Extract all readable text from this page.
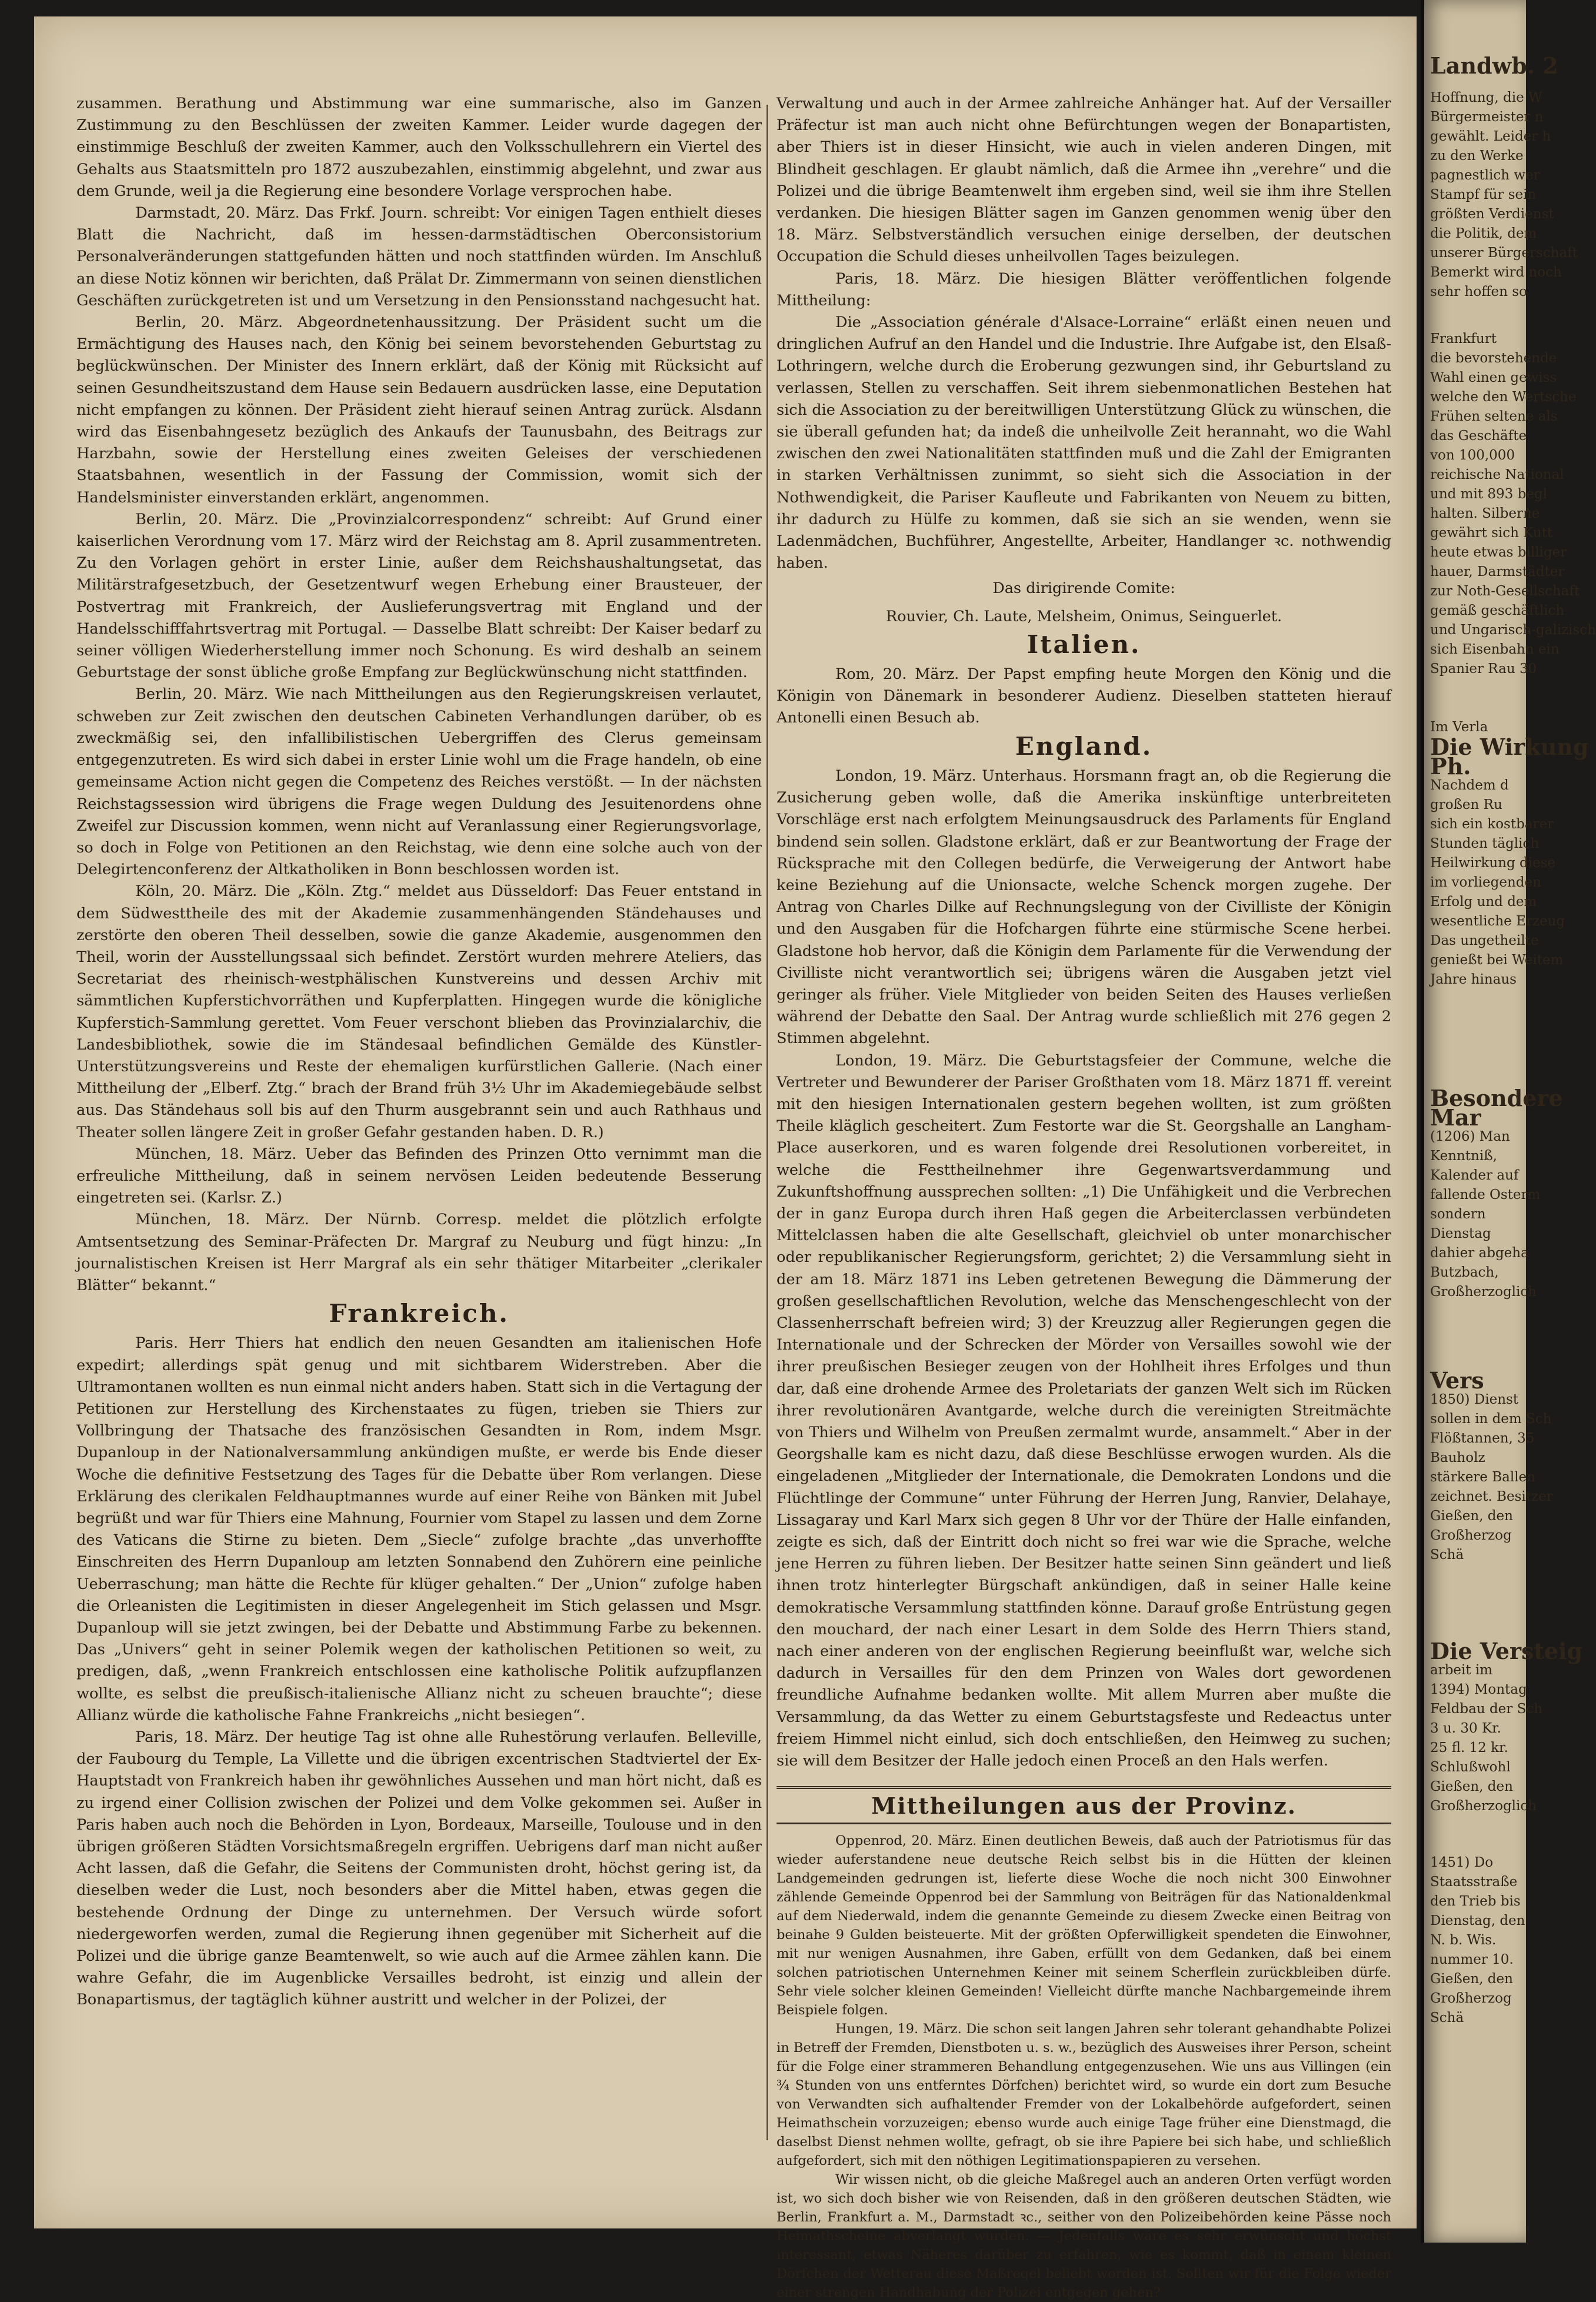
zusammen. Berathung und Abstimmung war eine summarische, also im Ganzen Zustimmung zu den Beschlüssen der zweiten Kammer. Leider wurde dagegen der einstimmige Beschluß der zweiten Kammer, auch den Volksschullehrern ein Viertel des Gehalts aus Staatsmitteln pro 1872 auszubezahlen, einstimmig abgelehnt, und zwar aus dem Grunde, weil ja die Regierung eine besondere Vorlage versprochen habe.

Darmstadt, 20. März. Das Frkf. Journ. schreibt: Vor einigen Tagen enthielt dieses Blatt die Nachricht, daß im hessen-darmstädtischen Oberconsistorium Personalveränderungen stattgefunden hätten und noch stattfinden würden. Im Anschluß an diese Notiz können wir berichten, daß Prälat Dr. Zimmermann von seinen dienstlichen Geschäften zurückgetreten ist und um Versetzung in den Pensionsstand nachgesucht hat.

Berlin, 20. März. Abgeordnetenhaussitzung. Der Präsident sucht um die Ermächtigung des Hauses nach, den König bei seinem bevorstehenden Geburtstag zu beglückwünschen. Der Minister des Innern erklärt, daß der König mit Rücksicht auf seinen Gesundheitszustand dem Hause sein Bedauern ausdrücken lasse, eine Deputation nicht empfangen zu können. Der Präsident zieht hierauf seinen Antrag zurück. Alsdann wird das Eisenbahngesetz bezüglich des Ankaufs der Taunusbahn, des Beitrags zur Harzbahn, sowie der Herstellung eines zweiten Geleises der verschiedenen Staatsbahnen, wesentlich in der Fassung der Commission, womit sich der Handelsminister einverstanden erklärt, angenommen.

Berlin, 20. März. Die „Provinzialcorrespondenz“ schreibt: Auf Grund einer kaiserlichen Verordnung vom 17. März wird der Reichstag am 8. April zusammentreten. Zu den Vorlagen gehört in erster Linie, außer dem Reichshaushaltungsetat, das Militärstrafgesetzbuch, der Gesetzentwurf wegen Erhebung einer Brausteuer, der Postvertrag mit Frankreich, der Auslieferungsvertrag mit England und der Handelsschifffahrtsvertrag mit Portugal. — Dasselbe Blatt schreibt: Der Kaiser bedarf zu seiner völligen Wiederherstellung immer noch Schonung. Es wird deshalb an seinem Geburtstage der sonst übliche große Empfang zur Beglückwünschung nicht stattfinden.

Berlin, 20. März. Wie nach Mittheilungen aus den Regierungskreisen verlautet, schweben zur Zeit zwischen den deutschen Cabineten Verhandlungen darüber, ob es zweckmäßig sei, den infallibilistischen Uebergriffen des Clerus gemeinsam entgegenzutreten. Es wird sich dabei in erster Linie wohl um die Frage handeln, ob eine gemeinsame Action nicht gegen die Competenz des Reiches verstößt. — In der nächsten Reichstagssession wird übrigens die Frage wegen Duldung des Jesuitenordens ohne Zweifel zur Discussion kommen, wenn nicht auf Veranlassung einer Regierungsvorlage, so doch in Folge von Petitionen an den Reichstag, wie denn eine solche auch von der Delegirtenconferenz der Altkatholiken in Bonn beschlossen worden ist.

Köln, 20. März. Die „Köln. Ztg.“ meldet aus Düsseldorf: Das Feuer entstand in dem Südwesttheile des mit der Akademie zusammenhängenden Ständehauses und zerstörte den oberen Theil desselben, sowie die ganze Akademie, ausgenommen den Theil, worin der Ausstellungssaal sich befindet. Zerstört wurden mehrere Ateliers, das Secretariat des rheinisch-westphälischen Kunstvereins und dessen Archiv mit sämmtlichen Kupferstichvorräthen und Kupferplatten. Hingegen wurde die königliche Kupferstich-Sammlung gerettet. Vom Feuer verschont blieben das Provinzialarchiv, die Landesbibliothek, sowie die im Ständesaal befindlichen Gemälde des Künstler-Unterstützungsvereins und Reste der ehemaligen kurfürstlichen Gallerie. (Nach einer Mittheilung der „Elberf. Ztg.“ brach der Brand früh 3½ Uhr im Akademiegebäude selbst aus. Das Ständehaus soll bis auf den Thurm ausgebrannt sein und auch Rathhaus und Theater sollen längere Zeit in großer Gefahr gestanden haben. D. R.)

München, 18. März. Ueber das Befinden des Prinzen Otto vernimmt man die erfreuliche Mittheilung, daß in seinem nervösen Leiden bedeutende Besserung eingetreten sei. (Karlsr. Z.)

München, 18. März. Der Nürnb. Corresp. meldet die plötzlich erfolgte Amtsentsetzung des Seminar-Präfecten Dr. Margraf zu Neuburg und fügt hinzu: „In journalistischen Kreisen ist Herr Margraf als ein sehr thätiger Mitarbeiter „clerikaler Blätter“ bekannt.“

Frankreich.

Paris. Herr Thiers hat endlich den neuen Gesandten am italienischen Hofe expedirt; allerdings spät genug und mit sichtbarem Widerstreben. Aber die Ultramontanen wollten es nun einmal nicht anders haben. Statt sich in die Vertagung der Petitionen zur Herstellung des Kirchenstaates zu fügen, trieben sie Thiers zur Vollbringung der Thatsache des französischen Gesandten in Rom, indem Msgr. Dupanloup in der Nationalversammlung ankündigen mußte, er werde bis Ende dieser Woche die definitive Festsetzung des Tages für die Debatte über Rom verlangen. Diese Erklärung des clerikalen Feldhauptmannes wurde auf einer Reihe von Bänken mit Jubel begrüßt und war für Thiers eine Mahnung, Fournier vom Stapel zu lassen und dem Zorne des Vaticans die Stirne zu bieten. Dem „Siecle“ zufolge brachte „das unverhoffte Einschreiten des Herrn Dupanloup am letzten Sonnabend den Zuhörern eine peinliche Ueberraschung; man hätte die Rechte für klüger gehalten.“ Der „Union“ zufolge haben die Orleanisten die Legitimisten in dieser Angelegenheit im Stich gelassen und Msgr. Dupanloup will sie jetzt zwingen, bei der Debatte und Abstimmung Farbe zu bekennen. Das „Univers“ geht in seiner Polemik wegen der katholischen Petitionen so weit, zu predigen, daß, „wenn Frankreich entschlossen eine katholische Politik aufzupflanzen wollte, es selbst die preußisch-italienische Allianz nicht zu scheuen brauchte“; diese Allianz würde die katholische Fahne Frankreichs „nicht besiegen“.

Paris, 18. März. Der heutige Tag ist ohne alle Ruhestörung verlaufen. Belleville, der Faubourg du Temple, La Villette und die übrigen excentrischen Stadtviertel der Ex-Hauptstadt von Frankreich haben ihr gewöhnliches Aussehen und man hört nicht, daß es zu irgend einer Collision zwischen der Polizei und dem Volke gekommen sei. Außer in Paris haben auch noch die Behörden in Lyon, Bordeaux, Marseille, Toulouse und in den übrigen größeren Städten Vorsichtsmaßregeln ergriffen. Uebrigens darf man nicht außer Acht lassen, daß die Gefahr, die Seitens der Communisten droht, höchst gering ist, da dieselben weder die Lust, noch besonders aber die Mittel haben, etwas gegen die bestehende Ordnung der Dinge zu unternehmen. Der Versuch würde sofort niedergeworfen werden, zumal die Regierung ihnen gegenüber mit Sicherheit auf die Polizei und die übrige ganze Beamtenwelt, so wie auch auf die Armee zählen kann. Die wahre Gefahr, die im Augenblicke Versailles bedroht, ist einzig und allein der Bonapartismus, der tagtäglich kühner austritt und welcher in der Polizei, der

Verwaltung und auch in der Armee zahlreiche Anhänger hat. Auf der Versailler Präfectur ist man auch nicht ohne Befürchtungen wegen der Bonapartisten, aber Thiers ist in dieser Hinsicht, wie auch in vielen anderen Dingen, mit Blindheit geschlagen. Er glaubt nämlich, daß die Armee ihn „verehre“ und die Polizei und die übrige Beamtenwelt ihm ergeben sind, weil sie ihm ihre Stellen verdanken. Die hiesigen Blätter sagen im Ganzen genommen wenig über den 18. März. Selbstverständlich versuchen einige derselben, der deutschen Occupation die Schuld dieses unheilvollen Tages beizulegen.

Paris, 18. März. Die hiesigen Blätter veröffentlichen folgende Mittheilung:

Die „Association générale d'Alsace-Lorraine“ erläßt einen neuen und dringlichen Aufruf an den Handel und die Industrie. Ihre Aufgabe ist, den Elsaß-Lothringern, welche durch die Eroberung gezwungen sind, ihr Geburtsland zu verlassen, Stellen zu verschaffen. Seit ihrem siebenmonatlichen Bestehen hat sich die Association zu der bereitwilligen Unterstützung Glück zu wünschen, die sie überall gefunden hat; da indeß die unheilvolle Zeit herannaht, wo die Wahl zwischen den zwei Nationalitäten stattfinden muß und die Zahl der Emigranten in starken Verhältnissen zunimmt, so sieht sich die Association in der Nothwendigkeit, die Pariser Kaufleute und Fabrikanten von Neuem zu bitten, ihr dadurch zu Hülfe zu kommen, daß sie sich an sie wenden, wenn sie Ladenmädchen, Buchführer, Angestellte, Arbeiter, Handlanger ꝛc. nothwendig haben.

Das dirigirende Comite:

Rouvier, Ch. Laute, Melsheim, Onimus, Seinguerlet.

Italien.

Rom, 20. März. Der Papst empfing heute Morgen den König und die Königin von Dänemark in besonderer Audienz. Dieselben statteten hierauf Antonelli einen Besuch ab.

England.

London, 19. März. Unterhaus. Horsmann fragt an, ob die Regierung die Zusicherung geben wolle, daß die Amerika inskünftige unterbreiteten Vorschläge erst nach erfolgtem Meinungsausdruck des Parlaments für England bindend sein sollen. Gladstone erklärt, daß er zur Beantwortung der Frage der Rücksprache mit den Collegen bedürfe, die Verweigerung der Antwort habe keine Beziehung auf die Unionsacte, welche Schenck morgen zugehe. Der Antrag von Charles Dilke auf Rechnungslegung von der Civilliste der Königin und den Ausgaben für die Hofchargen führte eine stürmische Scene herbei. Gladstone hob hervor, daß die Königin dem Parlamente für die Verwendung der Civilliste nicht verantwortlich sei; übrigens wären die Ausgaben jetzt viel geringer als früher. Viele Mitglieder von beiden Seiten des Hauses verließen während der Debatte den Saal. Der Antrag wurde schließlich mit 276 gegen 2 Stimmen abgelehnt.

London, 19. März. Die Geburtstagsfeier der Commune, welche die Vertreter und Bewunderer der Pariser Großthaten vom 18. März 1871 ff. vereint mit den hiesigen Internationalen gestern begehen wollten, ist zum größten Theile kläglich gescheitert. Zum Festorte war die St. Georgshalle an Langham-Place auserkoren, und es waren folgende drei Resolutionen vorbereitet, in welche die Festtheilnehmer ihre Gegenwartsverdammung und Zukunftshoffnung aussprechen sollten: „1) Die Unfähigkeit und die Verbrechen der in ganz Europa durch ihren Haß gegen die Arbeiterclassen verbündeten Mittelclassen haben die alte Gesellschaft, gleichviel ob unter monarchischer oder republikanischer Regierungsform, gerichtet; 2) die Versammlung sieht in der am 18. März 1871 ins Leben getretenen Bewegung die Dämmerung der großen gesellschaftlichen Revolution, welche das Menschengeschlecht von der Classenherrschaft befreien wird; 3) der Kreuzzug aller Regierungen gegen die Internationale und der Schrecken der Mörder von Versailles sowohl wie der ihrer preußischen Besieger zeugen von der Hohlheit ihres Erfolges und thun dar, daß eine drohende Armee des Proletariats der ganzen Welt sich im Rücken ihrer revolutionären Avantgarde, welche durch die vereinigten Streitmächte von Thiers und Wilhelm von Preußen zermalmt wurde, ansammelt.“ Aber in der Georgshalle kam es nicht dazu, daß diese Beschlüsse erwogen wurden. Als die eingeladenen „Mitglieder der Internationale, die Demokraten Londons und die Flüchtlinge der Commune“ unter Führung der Herren Jung, Ranvier, Delahaye, Lissagaray und Karl Marx sich gegen 8 Uhr vor der Thüre der Halle einfanden, zeigte es sich, daß der Eintritt doch nicht so frei war wie die Sprache, welche jene Herren zu führen lieben. Der Besitzer hatte seinen Sinn geändert und ließ ihnen trotz hinterlegter Bürgschaft ankündigen, daß in seiner Halle keine demokratische Versammlung stattfinden könne. Darauf große Entrüstung gegen den mouchard, der nach einer Lesart in dem Solde des Herrn Thiers stand, nach einer anderen von der englischen Regierung beeinflußt war, welche sich dadurch in Versailles für den dem Prinzen von Wales dort gewordenen freundliche Aufnahme bedanken wollte. Mit allem Murren aber mußte die Versammlung, da das Wetter zu einem Geburtstagsfeste und Redeactus unter freiem Himmel nicht einlud, sich doch entschließen, den Heimweg zu suchen; sie will dem Besitzer der Halle jedoch einen Proceß an den Hals werfen.

Mittheilungen aus der Provinz.

Oppenrod, 20. März. Einen deutlichen Beweis, daß auch der Patriotismus für das wieder auferstandene neue deutsche Reich selbst bis in die Hütten der kleinen Landgemeinden gedrungen ist, lieferte diese Woche die noch nicht 300 Einwohner zählende Gemeinde Oppenrod bei der Sammlung von Beiträgen für das Nationaldenkmal auf dem Niederwald, indem die genannte Gemeinde zu diesem Zwecke einen Beitrag von beinahe 9 Gulden beisteuerte. Mit der größten Opferwilligkeit spendeten die Einwohner, mit nur wenigen Ausnahmen, ihre Gaben, erfüllt von dem Gedanken, daß bei einem solchen patriotischen Unternehmen Keiner mit seinem Scherflein zurückbleiben dürfe. Sehr viele solcher kleinen Gemeinden! Vielleicht dürfte manche Nachbargemeinde ihrem Beispiele folgen.

Hungen, 19. März. Die schon seit langen Jahren sehr tolerant gehandhabte Polizei in Betreff der Fremden, Dienstboten u. s. w., bezüglich des Ausweises ihrer Person, scheint für die Folge einer strammeren Behandlung entgegenzusehen. Wie uns aus Villingen (ein ¾ Stunden von uns entferntes Dörfchen) berichtet wird, so wurde ein dort zum Besuche von Verwandten sich aufhaltender Fremder von der Lokalbehörde aufgefordert, seinen Heimathschein vorzuzeigen; ebenso wurde auch einige Tage früher eine Dienstmagd, die daselbst Dienst nehmen wollte, gefragt, ob sie ihre Papiere bei sich habe, und schließlich aufgefordert, sich mit den nöthigen Legitimationspapieren zu versehen.

Wir wissen nicht, ob die gleiche Maßregel auch an anderen Orten verfügt worden ist, wo sich doch bisher wie von Reisenden, daß in den größeren deutschen Städten, wie Berlin, Frankfurt a. M., Darmstadt ꝛc., seither von den Polizeibehörden keine Pässe noch Heimathscheine abverlangt wurden. — Jedenfalls wäre es sehr erwünscht und höchst interessant, etwas Näheres darüber zu erfahren, wie es kommt, daß in einem kleinen Dörfchen der Wetterau diese Maßregel beliebt worden ist. Sollten wir für die Folge wieder einer strengen Handhabung der Polizei entgegen gehen?

Landwb. 2
Hoffnung, die W
Bürgermeister n
gewählt. Leider h
zu den Werke
pagnestlich wer
Stampf für sein
größten Verdienst
die Politik, dem
unserer Bürgerschaft
Bemerkt wird noch
sehr hoffen so
Frankfurt
die bevorstehende
Wahl einen gewiss
welche den Wertsche
Frühen seltene als
das Geschäfte
von 100,000
reichische National
und mit 893 begl
halten. Silberne
gewährt sich Kutt
heute etwas billiger
hauer, Darmstädter
zur Noth-Gesellschaft
gemäß geschäftlich
und Ungarisch-galizisch
sich Eisenbahn ein
Spanier Rau 30
Im Verla
Die Wirkung
Ph.
Nachdem d
großen Ru
sich ein kostbarer
Stunden täglich
Heilwirkung diese
im vorliegenden
Erfolg und dem
wesentliche Erzeug
Das ungetheilte
genießt bei Weitem
Jahre hinaus
Besondere
Mar
(1206) Man
Kenntniß,
Kalender auf
fallende Osterm
sondern
Dienstag
dahier abgeha
Butzbach,
Großherzoglich
Vers
1850) Dienst
sollen in dem Sch
Flößtannen, 35
Bauholz
stärkere Ballen
zeichnet. Besitzer
Gießen, den
Großherzog
Schä
Die Versteig
arbeit im
1394) Montag
Feldbau der Sch
3 u. 30 Kr.
25 fl. 12 kr.
Schlußwohl
Gießen, den
Großherzoglich
1451) Do
Staatsstraße
den Trieb bis
Dienstag, den
N. b. Wis.
nummer 10.
Gießen, den
Großherzog
Schä
